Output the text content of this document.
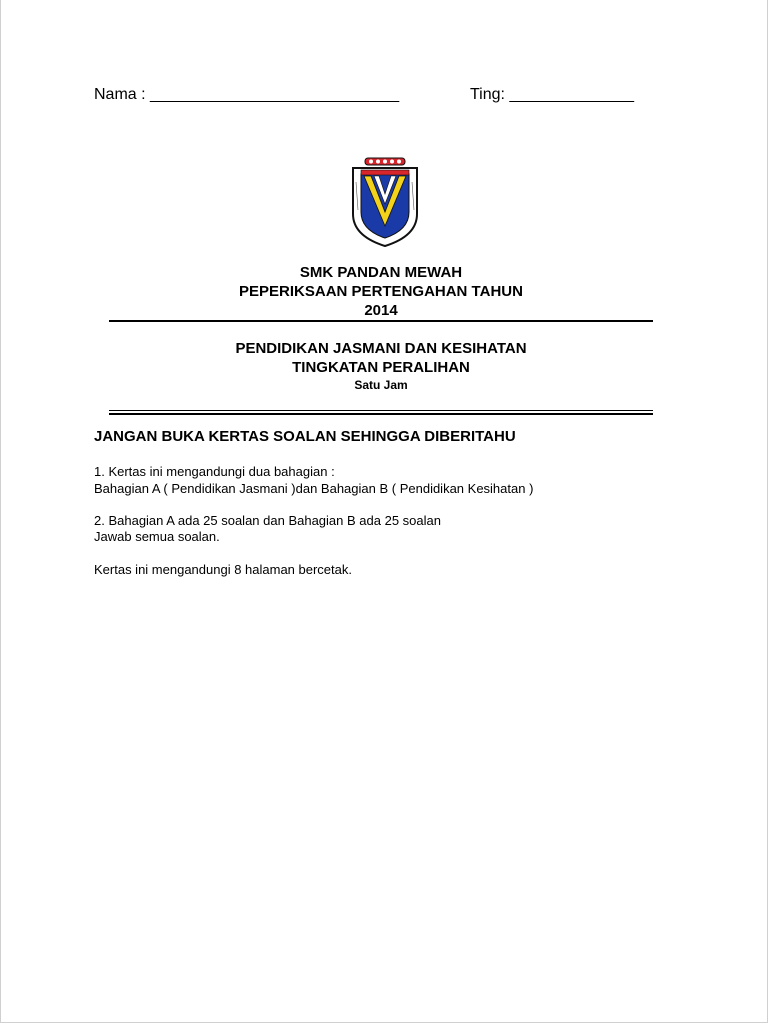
Nama : ____________________________	Ting: ______________
SMK PANDAN MEWAH
PEPERIKSAAN PERTENGAHAN TAHUN
2014
PENDIDIKAN JASMANI DAN KESIHATAN
TINGKATAN PERALIHAN
Satu Jam
JANGAN BUKA KERTAS SOALAN SEHINGGA DIBERITAHU
1. Kertas ini mengandungi dua bahagian :
Bahagian A ( Pendidikan Jasmani )dan Bahagian B ( Pendidikan Kesihatan )
2. Bahagian A ada 25 soalan dan Bahagian B ada 25 soalan
Jawab semua soalan.
Kertas ini mengandungi 8 halaman bercetak.
